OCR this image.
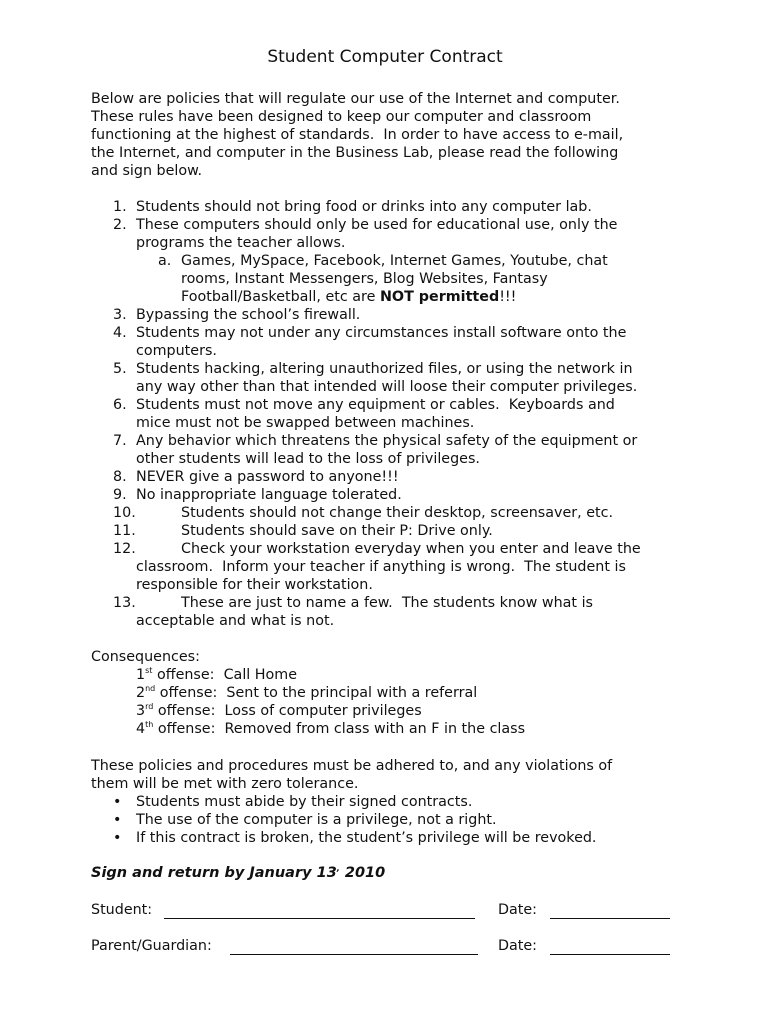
Student Computer Contract
Below are policies that will regulate our use of the Internet and computer.
These rules have been designed to keep our computer and classroom
functioning at the highest of standards.  In order to have access to e-mail,
the Internet, and computer in the Business Lab, please read the following
and sign below.
1. Students should not bring food or drinks into any computer lab.
2. These computers should only be used for educational use, only the
programs the teacher allows.
a. Games, MySpace, Facebook, Internet Games, Youtube, chat
rooms, Instant Messengers, Blog Websites, Fantasy
Football/Basketball, etc are NOT permitted!!!
3. Bypassing the school’s firewall.
4. Students may not under any circumstances install software onto the
computers.
5. Students hacking, altering unauthorized files, or using the network in
any way other than that intended will loose their computer privileges.
6. Students must not move any equipment or cables.  Keyboards and
mice must not be swapped between machines.
7. Any behavior which threatens the physical safety of the equipment or
other students will lead to the loss of privileges.
8. NEVER give a password to anyone!!!
9. No inappropriate language tolerated.
10.	Students should not change their desktop, screensaver, etc.
11.	Students should save on their P: Drive only.
12.	Check your workstation everyday when you enter and leave the
classroom.  Inform your teacher if anything is wrong.  The student is
responsible for their workstation.
13.	These are just to name a few.  The students know what is
acceptable and what is not.
Consequences:
1st offense:  Call Home
2nd offense:  Sent to the principal with a referral
3rd offense:  Loss of computer privileges
4th offense:  Removed from class with an F in the class
These policies and procedures must be adhered to, and any violations of
them will be met with zero tolerance.
• Students must abide by their signed contracts.
• The use of the computer is a privilege, not a right.
• If this contract is broken, the student’s privilege will be revoked.
Sign and return by January 13, 2010
Student:	Date:
Parent/Guardian:	Date:
